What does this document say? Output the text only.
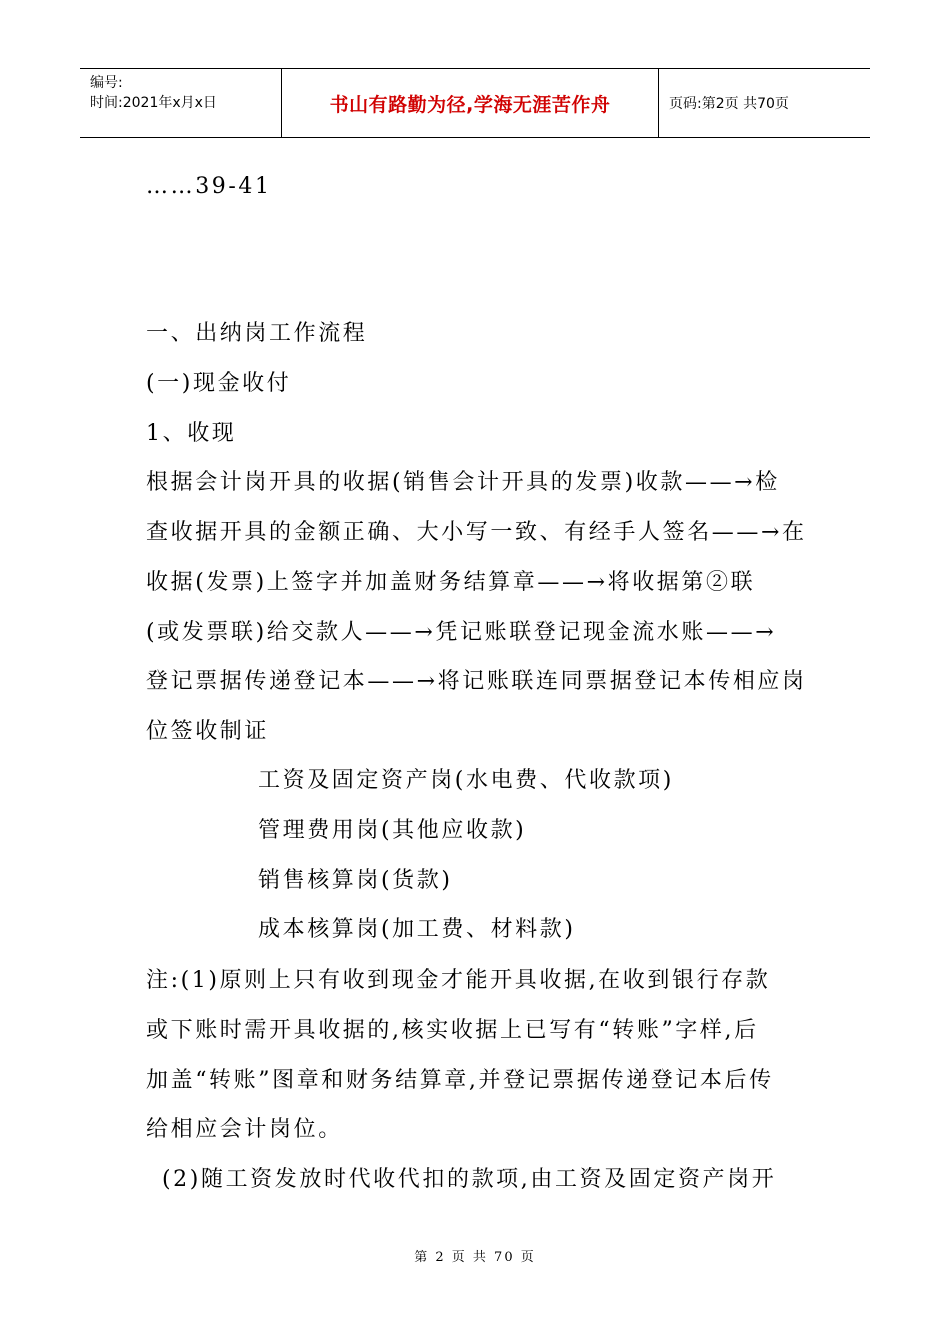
编号:
时间:2021年x月x日	书山有路勤为径,学海无涯苦作舟	页码:第2页 共70页
……39-41
一、出纳岗工作流程
(一)现金收付
1、收现
根据会计岗开具的收据(销售会计开具的发票)收款——→检
查收据开具的金额正确、大小写一致、有经手人签名——→在
收据(发票)上签字并加盖财务结算章——→将收据第②联
(或发票联)给交款人——→凭记账联登记现金流水账——→
登记票据传递登记本——→将记账联连同票据登记本传相应岗
位签收制证
工资及固定资产岗(水电费、代收款项)
管理费用岗(其他应收款)
销售核算岗(货款)
成本核算岗(加工费、材料款)
注:(1)原则上只有收到现金才能开具收据,在收到银行存款
或下账时需开具收据的,核实收据上已写有“转账”字样,后
加盖“转账”图章和财务结算章,并登记票据传递登记本后传
给相应会计岗位。
(2)随工资发放时代收代扣的款项,由工资及固定资产岗开
第 2 页 共 70 页
